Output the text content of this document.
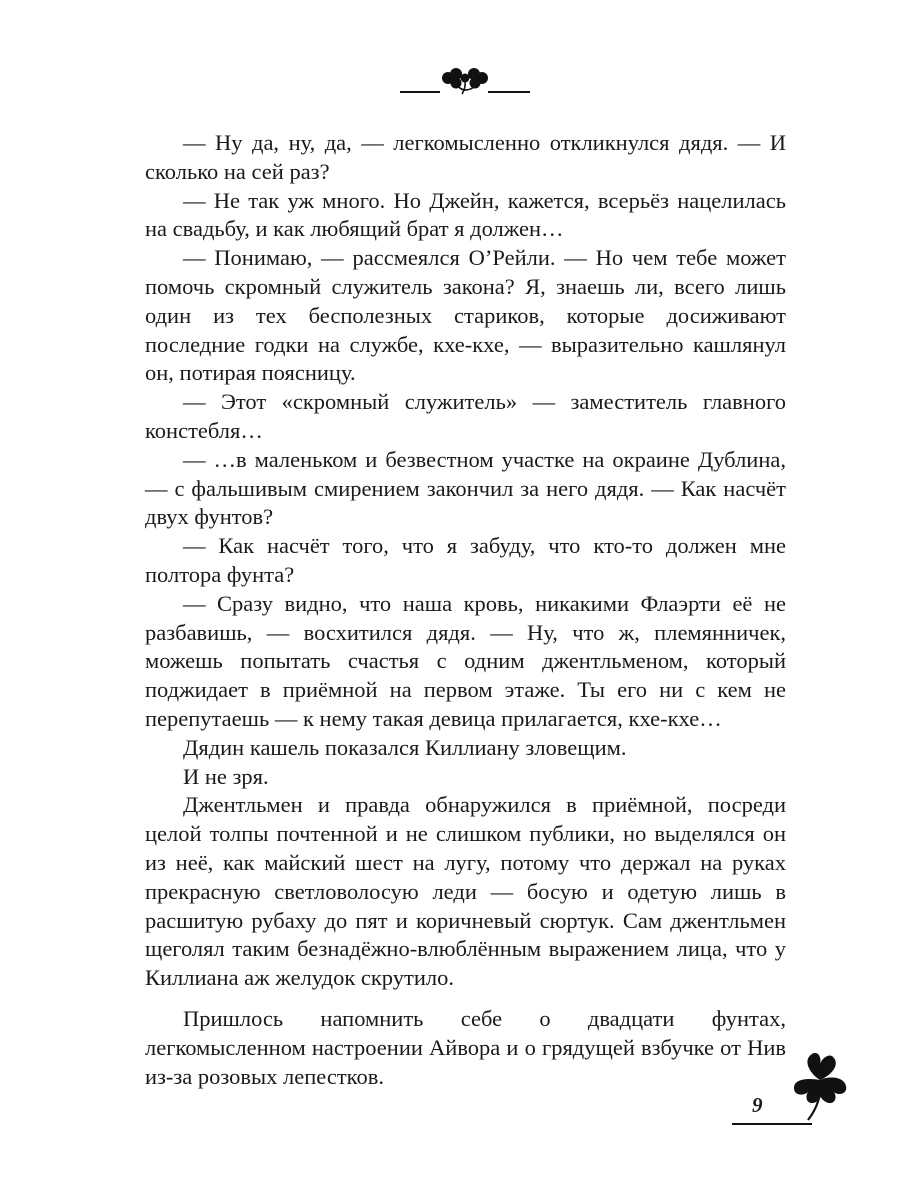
— Ну да, ну, да, — легкомысленно откликнулся дядя. — И сколько на сей раз?

— Не так уж много. Но Джейн, кажется, всерьёз нацелилась на свадьбу, и как любящий брат я должен…

— Понимаю, — рассмеялся О’Рейли. — Но чем тебе может помочь скромный служитель закона? Я, знаешь ли, всего лишь один из тех бесполезных стариков, которые досиживают последние годки на службе, кхе-кхе, — выразительно кашлянул он, потирая поясницу.

— Этот «скромный служитель» — заместитель главного констебля…

— …в маленьком и безвестном участке на окраине Дублина, — с фальшивым смирением закончил за него дядя. — Как насчёт двух фунтов?

— Как насчёт того, что я забуду, что кто-то должен мне полтора фунта?

— Сразу видно, что наша кровь, никакими Флаэрти её не разбавишь, — восхитился дядя. — Ну, что ж, племянничек, можешь попытать счастья с одним джентльменом, который поджидает в приёмной на первом этаже. Ты его ни с кем не перепутаешь — к нему такая девица прилагается, кхе-кхе…

Дядин кашель показался Киллиану зловещим.

И не зря.

Джентльмен и правда обнаружился в приёмной, посреди целой толпы почтенной и не слишком публики, но выделялся он из неё, как майский шест на лугу, потому что держал на руках прекрасную светловолосую леди — босую и одетую лишь в расшитую рубаху до пят и коричневый сюртук. Сам джентльмен щеголял таким безнадёжно-влюблённым выражением лица, что у Киллиана аж желудок скрутило.

Пришлось напомнить себе о двадцати фунтах, легкомысленном настроении Айвора и о грядущей взбучке от Нив из-за розовых лепестков.

9
